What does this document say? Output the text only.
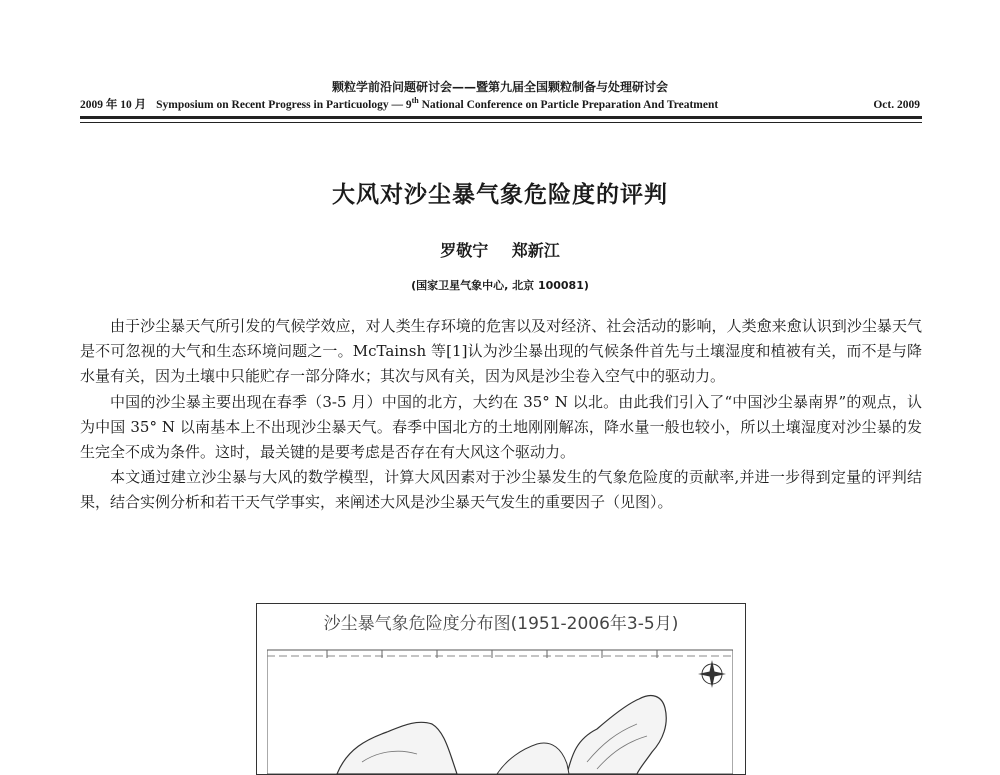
颗粒学前沿问题研讨会——暨第九届全国颗粒制备与处理研讨会
2009 年 10 月 Symposium on Recent Progress in Particuology — 9th National Conference on Particle Preparation And Treatment	Oct. 2009
大风对沙尘暴气象危险度的评判
罗敬宁 郑新江
(国家卫星气象中心, 北京 100081)

由于沙尘暴天气所引发的气候学效应，对人类生存环境的危害以及对经济、社会活动的影响，人类愈来愈认识到沙尘暴天气是不可忽视的大气和生态环境问题之一。McTainsh 等[1]认为沙尘暴出现的气候条件首先与土壤湿度和植被有关，而不是与降水量有关，因为土壤中只能贮存一部分降水；其次与风有关，因为风是沙尘卷入空气中的驱动力。

中国的沙尘暴主要出现在春季（3-5 月）中国的北方，大约在 35° N 以北。由此我们引入了“中国沙尘暴南界”的观点，认为中国 35° N 以南基本上不出现沙尘暴天气。春季中国北方的土地刚刚解冻，降水量一般也较小，所以土壤湿度对沙尘暴的发生完全不成为条件。这时，最关键的是要考虑是否存在有大风这个驱动力。

本文通过建立沙尘暴与大风的数学模型，计算大风因素对于沙尘暴发生的气象危险度的贡献率,并进一步得到定量的评判结果，结合实例分析和若干天气学事实，来阐述大风是沙尘暴天气发生的重要因子（见图）。

沙尘暴气象危险度分布图(1951-2006年3-5月)
